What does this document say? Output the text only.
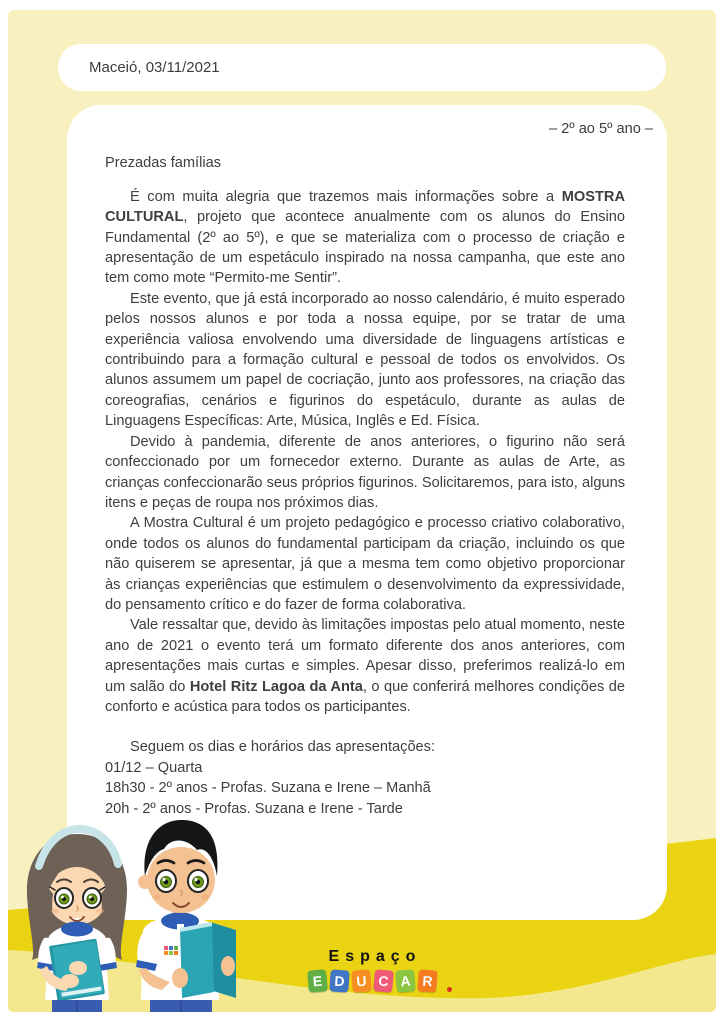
Maceió, 03/11/2021
– 2º ao 5º ano –
Prezadas famílias

É com muita alegria que trazemos mais informações sobre a MOSTRA CULTURAL, projeto que acontece anualmente com os alunos do Ensino Fundamental (2º ao 5º), e que se materializa com o processo de criação e apresentação de um espetáculo inspirado na nossa campanha, que este ano tem como mote “Permito-me Sentir”.

Este evento, que já está incorporado ao nosso calendário, é muito esperado pelos nossos alunos e por toda a nossa equipe, por se tratar de uma experiência valiosa envolvendo uma diversidade de linguagens artísticas e contribuindo para a formação cultural e pessoal de todos os envolvidos. Os alunos assumem um papel de cocriação, junto aos professores, na criação das coreografias, cenários e figurinos do espetáculo, durante as aulas de Linguagens Específicas: Arte, Música, Inglês e Ed. Física.

Devido à pandemia, diferente de anos anteriores, o figurino não será confeccionado por um fornecedor externo. Durante as aulas de Arte, as crianças confeccionarão seus próprios figurinos. Solicitaremos, para isto, alguns itens e peças de roupa nos próximos dias.

A Mostra Cultural é um projeto pedagógico e processo criativo colaborativo, onde todos os alunos do fundamental participam da criação, incluindo os que não quiserem se apresentar, já que a mesma tem como objetivo proporcionar às crianças experiências que estimulem o desenvolvimento da expressividade, do pensamento crítico e do fazer de forma colaborativa.

Vale ressaltar que, devido às limitações impostas pelo atual momento, neste ano de 2021 o evento terá um formato diferente dos anos anteriores, com apresentações mais curtas e simples. Apesar disso, preferimos realizá-lo em um salão do Hotel Ritz Lagoa da Anta, o que conferirá melhores condições de conforto e acústica para todos os participantes.

Seguem os dias e horários das apresentações:

01/12 – Quarta

18h30 - 2º anos - Profas. Suzana e Irene – Manhã

20h - 2º anos - Profas. Suzana e Irene - Tarde

Espaço
E D U C A R
